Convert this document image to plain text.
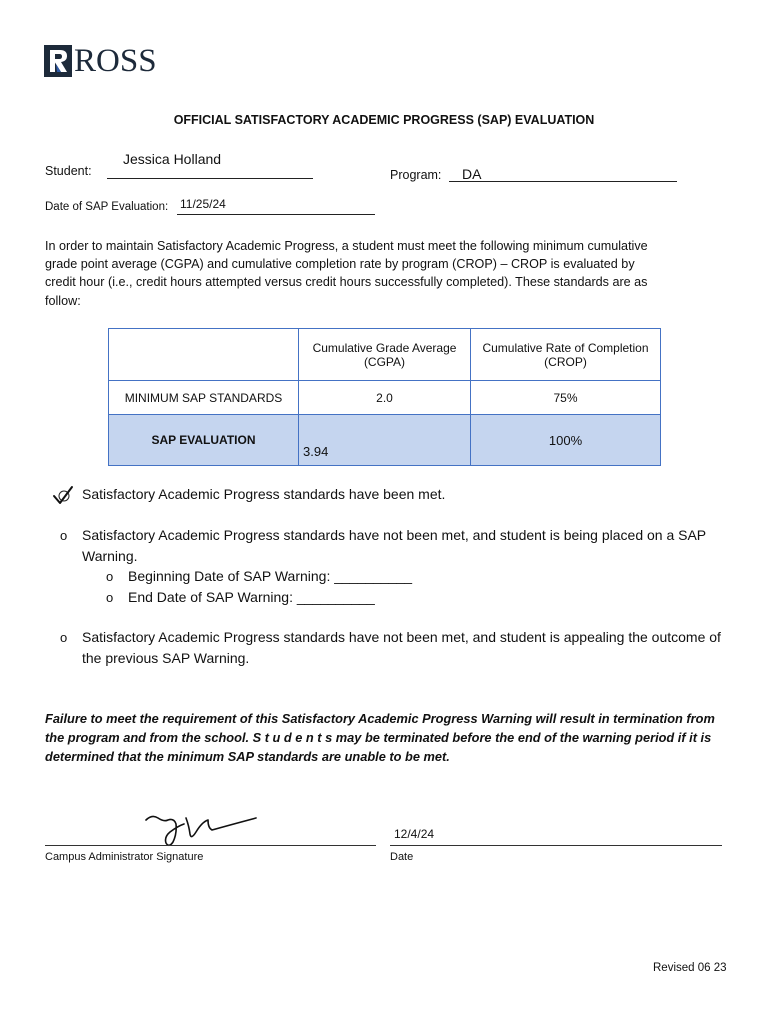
ROSS
OFFICIAL SATISFACTORY ACADEMIC PROGRESS (SAP) EVALUATION
Student:
Jessica Holland
Program: DA
Date of SAP Evaluation: 11/25/24
In order to maintain Satisfactory Academic Progress, a student must meet the following minimum cumulative grade point average (CGPA) and cumulative completion rate by program (CROP) – CROP is evaluated by credit hour (i.e., credit hours attempted versus credit hours successfully completed). These standards are as follow:
	Cumulative Grade Average (CGPA)	Cumulative Rate of Completion (CROP)
MINIMUM SAP STANDARDS	2.0	75%
SAP EVALUATION	3.94	100%
Satisfactory Academic Progress standards have been met.
o Satisfactory Academic Progress standards have not been met, and student is being placed on a SAP Warning.
o Beginning Date of SAP Warning: __________
o End Date of SAP Warning: __________
o Satisfactory Academic Progress standards have not been met, and student is appealing the outcome of the previous SAP Warning.
Failure to meet the requirement of this Satisfactory Academic Progress Warning will result in termination from the program and from the school. S t u d e n t s may be terminated before the end of the warning period if it is determined that the minimum SAP standards are unable to be met.
Campus Administrator Signature
12/4/24
Date
Revised 06 23
